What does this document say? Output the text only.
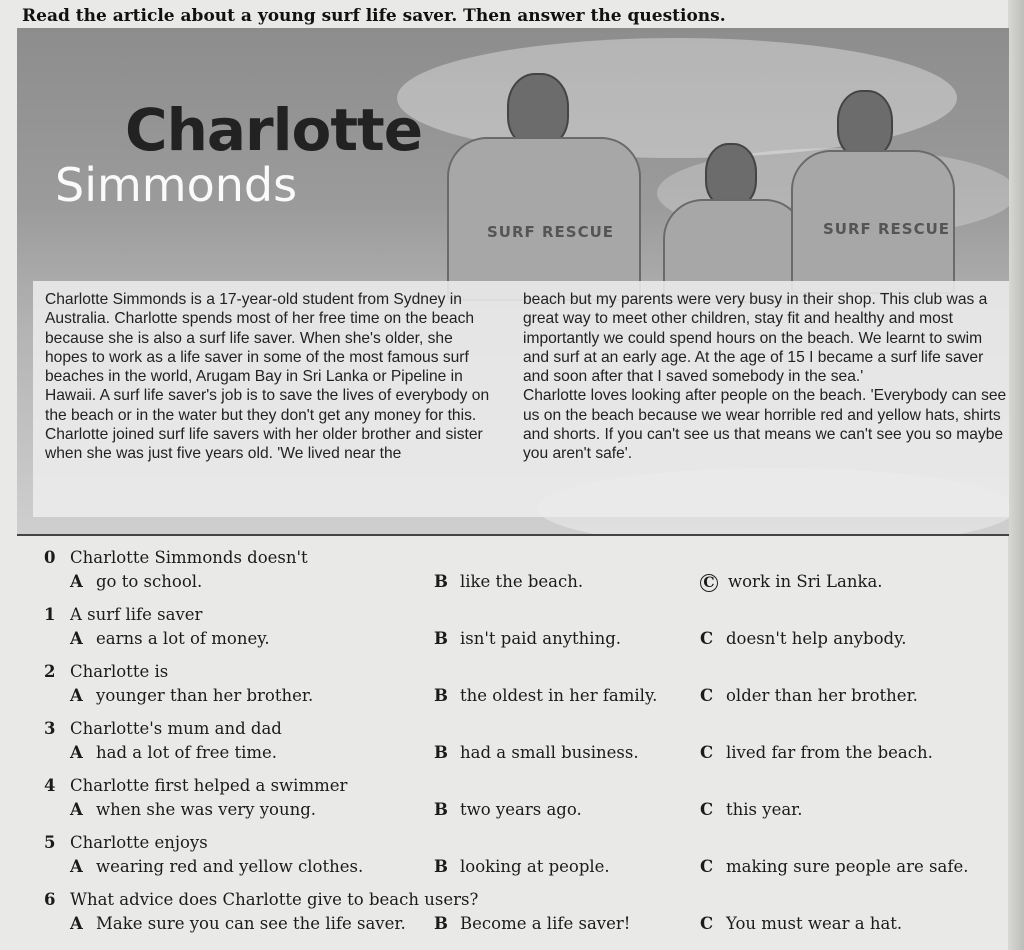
Read the article about a young surf life saver. Then answer the questions.
SURF RESCUE	SURF RESCUE
Charlotte
Simmonds

Charlotte Simmonds is a 17-year-old student from Sydney in Australia. Charlotte spends most of her free time on the beach because she is also a surf life saver. When she's older, she hopes to work as a life saver in some of the most famous surf beaches in the world, Arugam Bay in Sri Lanka or Pipeline in Hawaii. A surf life saver's job is to save the lives of everybody on the beach or in the water but they don't get any money for this.

Charlotte joined surf life savers with her older brother and sister when she was just five years old. 'We lived near the

beach but my parents were very busy in their shop. This club was a great way to meet other children, stay fit and healthy and most importantly we could spend hours on the beach. We learnt to swim and surf at an early age. At the age of 15 I became a surf life saver and soon after that I saved somebody in the sea.'

Charlotte loves looking after people on the beach. 'Everybody can see us on the beach because we wear horrible red and yellow hats, shirts and shorts. If you can't see us that means we can't see you so maybe you aren't safe'.

0 Charlotte Simmonds doesn't
A go to school.	B like the beach.	C work in Sri Lanka.
1 A surf life saver
A earns a lot of money.	B isn't paid anything.	C doesn't help anybody.
2 Charlotte is
A younger than her brother.	B the oldest in her family.	C older than her brother.
3 Charlotte's mum and dad
A had a lot of free time.	B had a small business.	C lived far from the beach.
4 Charlotte first helped a swimmer
A when she was very young.	B two years ago.	C this year.
5 Charlotte enjoys
A wearing red and yellow clothes.	B looking at people.	C making sure people are safe.
6 What advice does Charlotte give to beach users?
A Make sure you can see the life saver. B Become a life saver!	C You must wear a hat.
